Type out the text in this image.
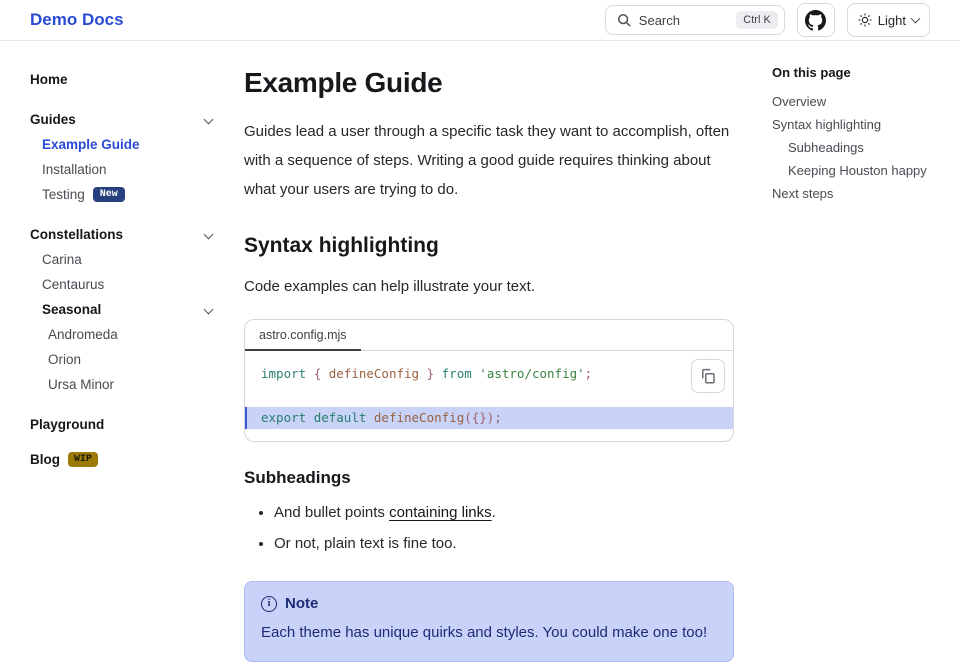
Demo Docs	Search	Ctrl K	Light
Home
Guides
Example Guide
Installation
Testing	New
Constellations
Carina
Centaurus
Seasonal
Andromeda
Orion
Ursa Minor
Playground
Blog	WIP
Example Guide

Guides lead a user through a specific task they want to accomplish, often with a sequence of steps. Writing a good guide requires thinking about what your users are trying to do.

Syntax highlighting

Code examples can help illustrate your text.

astro.config.mjs
import { defineConfig } from 'astro/config';

export default defineConfig({});
Subheadings
• And bullet points containing links.
• Or not, plain text is fine too.
i Note

Each theme has unique quirks and styles. You could make one too!

On this page
Overview
Syntax highlighting
Subheadings
Keeping Houston happy
Next steps
